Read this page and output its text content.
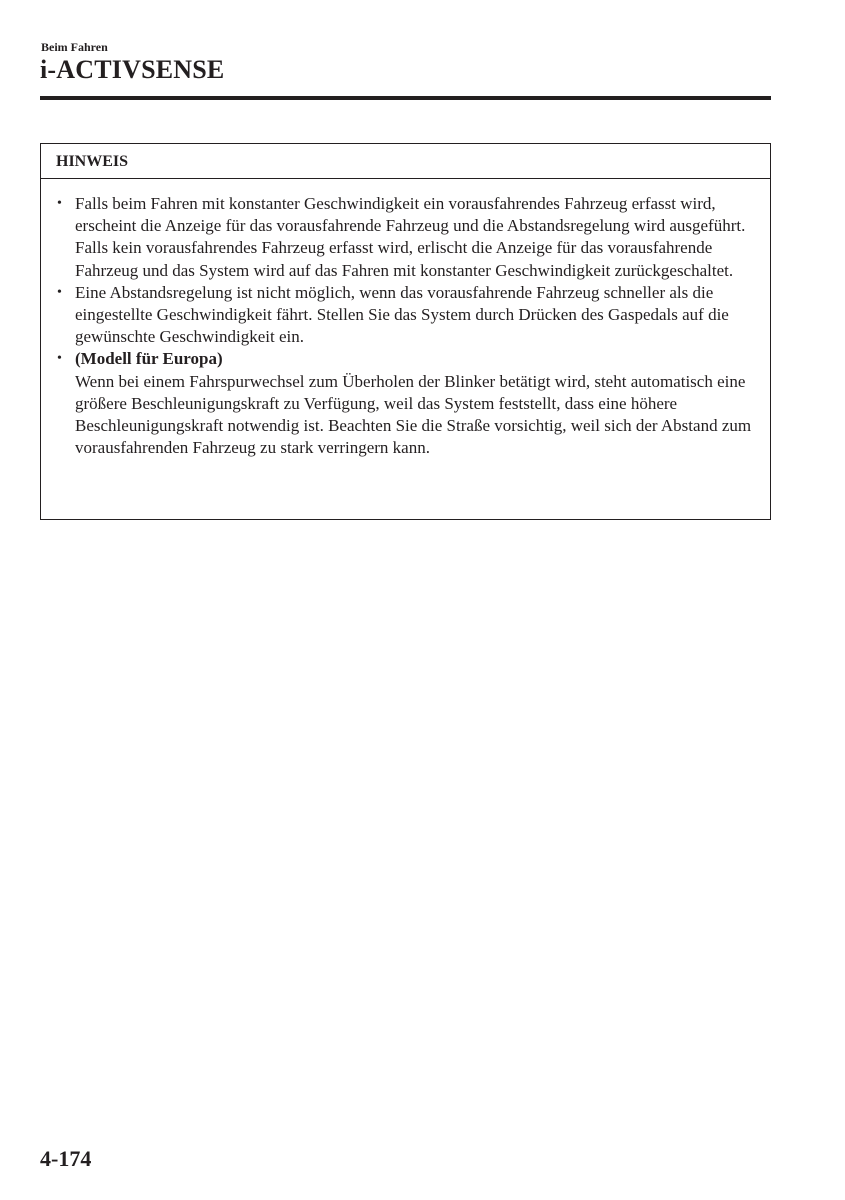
Beim Fahren
i-ACTIVSENSE
HINWEIS
• Falls beim Fahren mit konstanter Geschwindigkeit ein vorausfahrendes Fahrzeug erfasst wird, erscheint die Anzeige für das vorausfahrende Fahrzeug und die Abstandsregelung wird ausgeführt. Falls kein vorausfahrendes Fahrzeug erfasst wird, erlischt die Anzeige für das vorausfahrende Fahrzeug und das System wird auf das Fahren mit konstanter Geschwindigkeit zurückgeschaltet.
• Eine Abstandsregelung ist nicht möglich, wenn das vorausfahrende Fahrzeug schneller als die eingestellte Geschwindigkeit fährt. Stellen Sie das System durch Drücken des Gaspedals auf die gewünschte Geschwindigkeit ein.
• (Modell für Europa)
Wenn bei einem Fahrspurwechsel zum Überholen der Blinker betätigt wird, steht automatisch eine größere Beschleunigungskraft zu Verfügung, weil das System feststellt, dass eine höhere Beschleunigungskraft notwendig ist. Beachten Sie die Straße vorsichtig, weil sich der Abstand zum vorausfahrenden Fahrzeug zu stark verringern kann.
4-174
